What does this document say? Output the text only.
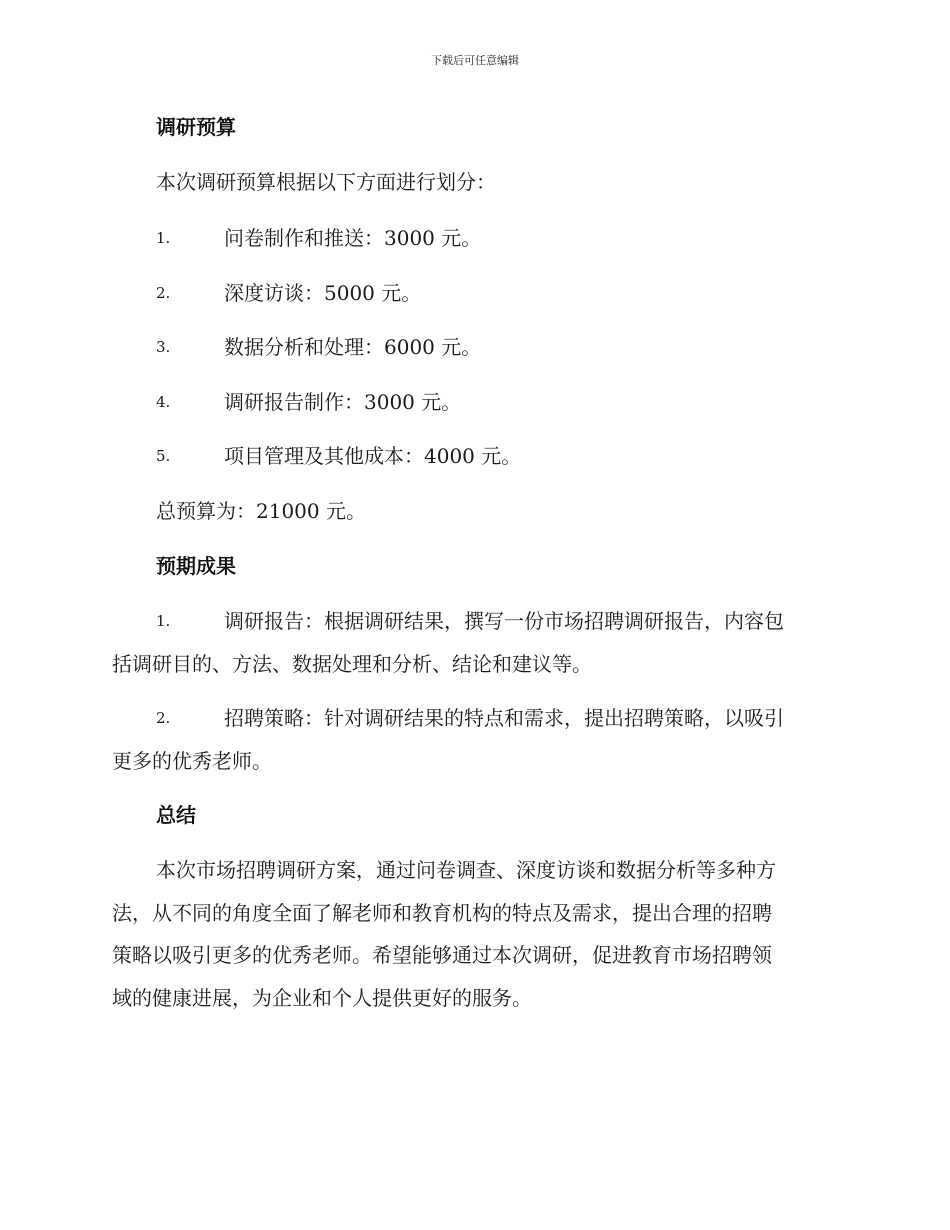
下载后可任意编辑
调研预算
本次调研预算根据以下方面进行划分：
1.	问卷制作和推送：3000 元。
2.	深度访谈：5000 元。
3.	数据分析和处理：6000 元。
4.	调研报告制作：3000 元。
5.	项目管理及其他成本：4000 元。
总预算为：21000 元。
预期成果
1.	调研报告：根据调研结果，撰写一份市场招聘调研报告，内容包
括调研目的、方法、数据处理和分析、结论和建议等。
2.	招聘策略：针对调研结果的特点和需求，提出招聘策略，以吸引
更多的优秀老师。
总结
本次市场招聘调研方案，通过问卷调查、深度访谈和数据分析等多种方
法，从不同的角度全面了解老师和教育机构的特点及需求，提出合理的招聘
策略以吸引更多的优秀老师。希望能够通过本次调研，促进教育市场招聘领
域的健康进展，为企业和个人提供更好的服务。
